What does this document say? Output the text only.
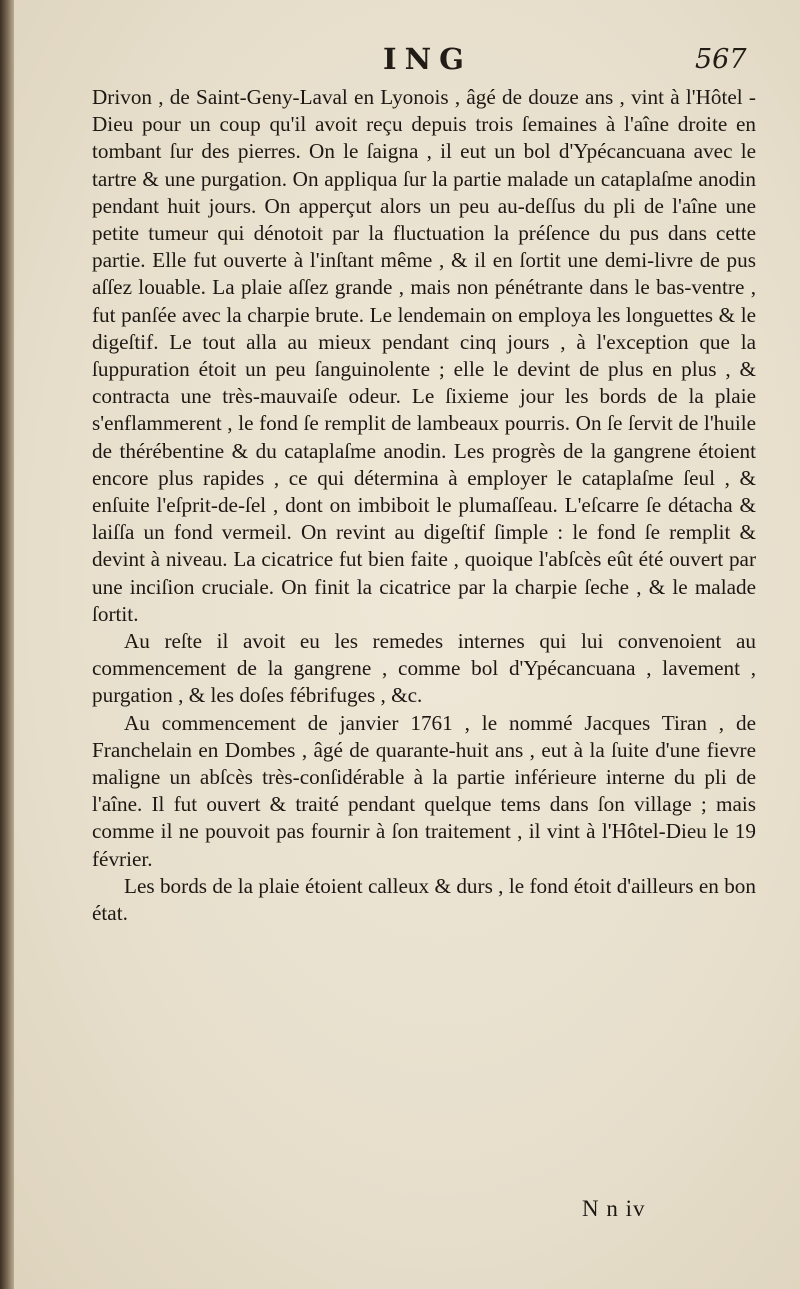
ING	567

Drivon , de Saint-Geny-Laval en Lyonois , âgé de douze ans , vint à l'Hôtel - Dieu pour un coup qu'il avoit reçu depuis trois ſemaines à l'aîne droite en tombant ſur des pierres. On le ſaigna , il eut un bol d'Ypécancuana avec le tartre & une purgation. On appliqua ſur la partie malade un cataplaſme anodin pendant huit jours. On apperçut alors un peu au-deſſus du pli de l'aîne une petite tumeur qui dénotoit par la fluctuation la préſence du pus dans cette partie. Elle fut ouverte à l'inſtant même , & il en ſortit une demi-livre de pus aſſez louable. La plaie aſſez grande , mais non pénétrante dans le bas-ventre , fut panſée avec la charpie brute. Le lendemain on employa les longuettes & le digeſtif. Le tout alla au mieux pendant cinq jours , à l'exception que la ſuppuration étoit un peu ſanguinolente ; elle le devint de plus en plus , & contracta une très-mauvaiſe odeur. Le ſixieme jour les bords de la plaie s'enflammerent , le fond ſe remplit de lambeaux pourris. On ſe ſervit de l'huile de thérébentine & du cataplaſme anodin. Les progrès de la gangrene étoient encore plus rapides , ce qui détermina à employer le cataplaſme ſeul , & enſuite l'eſprit-de-ſel , dont on imbiboit le plumaſſeau. L'eſcarre ſe détacha & laiſſa un fond vermeil. On revint au digeſtif ſimple : le fond ſe remplit & devint à niveau. La cicatrice fut bien faite , quoique l'abſcès eût été ouvert par une inciſion cruciale. On finit la cicatrice par la charpie ſeche , & le malade ſortit.

Au reſte il avoit eu les remedes internes qui lui convenoient au commencement de la gangrene , comme bol d'Ypécancuana , lavement , purgation , & les doſes fébrifuges , &c.

Au commencement de janvier 1761 , le nommé Jacques Tiran , de Franchelain en Dombes , âgé de quarante-huit ans , eut à la ſuite d'une fievre maligne un abſcès très-conſidérable à la partie inférieure interne du pli de l'aîne. Il fut ouvert & traité pendant quelque tems dans ſon village ; mais comme il ne pouvoit pas fournir à ſon traitement , il vint à l'Hôtel-Dieu le 19 février.

Les bords de la plaie étoient calleux & durs , le fond étoit d'ailleurs en bon état.

N n iv
